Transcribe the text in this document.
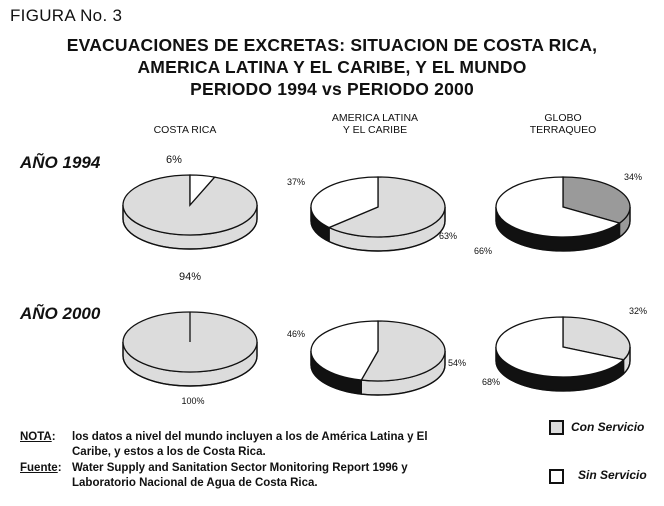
FIGURA No. 3
EVACUACIONES DE EXCRETAS: SITUACION DE COSTA RICA,
AMERICA LATINA Y EL CARIBE, Y EL MUNDO
PERIODO 1994 vs PERIODO 2000
COSTA RICA
AMERICA LATINA
Y EL CARIBE
GLOBO
TERRAQUEO
AÑO 1994
AÑO 2000
94%
6%
63%
37%	34%
66%
100%
54%
46%
32%
68%
Con Servicio
Sin Servicio
NOTA:	los datos a nivel del mundo incluyen a los de América Latina y El
Caribe, y estos a los de Costa Rica.
Fuente: Water Supply and Sanitation Sector Monitoring Report 1996 y
Laboratorio Nacional de Agua de Costa Rica.
